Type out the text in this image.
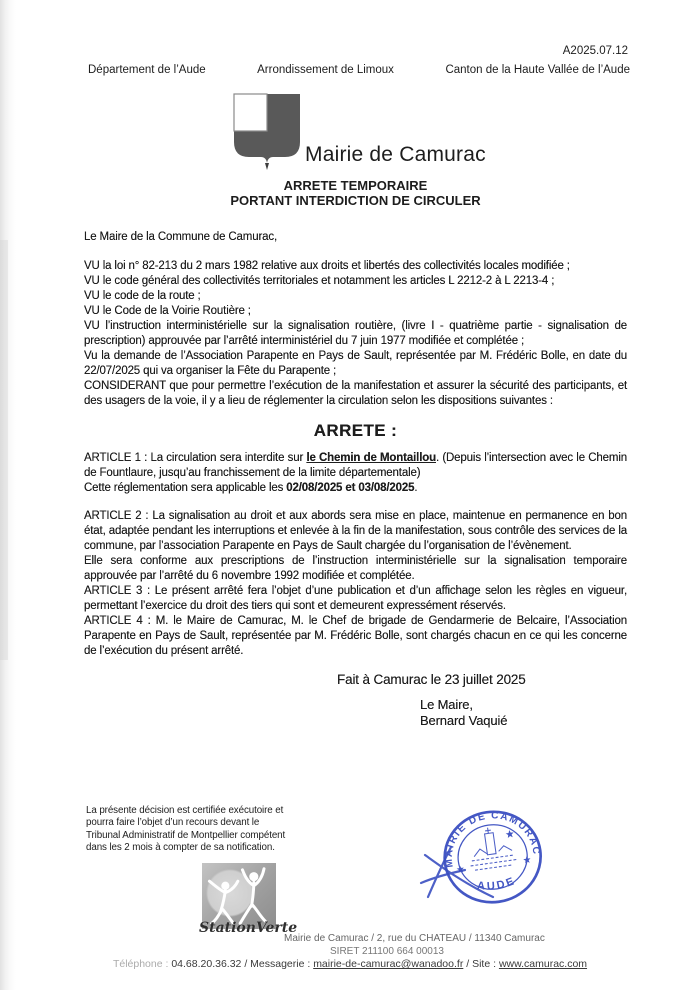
A2025.07.12
Département de l’Aude	Arrondissement de Limoux	Canton de la Haute Vallée de l’Aude
Mairie de Camurac
ARRETE TEMPORAIRE
PORTANT INTERDICTION DE CIRCULER

Le Maire de la Commune de Camurac,

VU la loi n° 82-213 du 2 mars 1982 relative aux droits et libertés des collectivités locales modifiée ;

VU le code général des collectivités territoriales et notamment les articles L 2212-2 à L 2213-4 ;

VU le code de la route ;

VU le Code de la Voirie Routière ;

VU l’instruction interministérielle sur la signalisation routière, (livre I - quatrième partie - signalisation de prescription) approuvée par l’arrêté interministériel du 7 juin 1977 modifiée et complétée ;

Vu la demande de l’Association Parapente en Pays de Sault, représentée par M. Frédéric Bolle, en date du 22/07/2025 qui va organiser la Fête du Parapente ;

CONSIDERANT que pour permettre l’exécution de la manifestation et assurer la sécurité des participants, et des usagers de la voie, il y a lieu de réglementer la circulation selon les dispositions suivantes :

ARRETE :

ARTICLE 1 : La circulation sera interdite sur le Chemin de Montaillou. (Depuis l’intersection avec le Chemin de Fountlaure, jusqu’au franchissement de la limite départementale)
Cette réglementation sera applicable les 02/08/2025 et 03/08/2025.

ARTICLE 2 : La signalisation au droit et aux abords sera mise en place, maintenue en permanence en bon état, adaptée pendant les interruptions et enlevée à la fin de la manifestation, sous contrôle des services de la commune, par l’association Parapente en Pays de Sault chargée du l’organisation de l’évènement.

Elle sera conforme aux prescriptions de l’instruction interministérielle sur la signalisation temporaire approuvée par l’arrêté du 6 novembre 1992 modifiée et complétée.

ARTICLE 3 : Le présent arrêté fera l’objet d’une publication et d’un affichage selon les règles en vigueur, permettant l’exercice du droit des tiers qui sont et demeurent expressément réservés.

ARTICLE 4 : M. le Maire de Camurac, M. le Chef de brigade de Gendarmerie de Belcaire, l’Association Parapente en Pays de Sault, représentée par M. Frédéric Bolle, sont chargés chacun en ce qui les concerne de l’exécution du présent arrêté.

Fait à Camurac le 23 juillet 2025
Le Maire,
Bernard Vaquié
La présente décision est certifiée exécutoire et pourra faire l’objet d’un recours devant le Tribunal Administratif de Montpellier compétent dans les 2 mois à compter de sa notification.
StationVerte
MAIRIE DE CAMURAC
AUDE
Mairie de Camurac / 2, rue du CHATEAU / 11340 Camurac
SIRET 211100 664 00013
Téléphone : 04.68.20.36.32 / Messagerie : mairie-de-camurac@wanadoo.fr / Site : www.camurac.com
